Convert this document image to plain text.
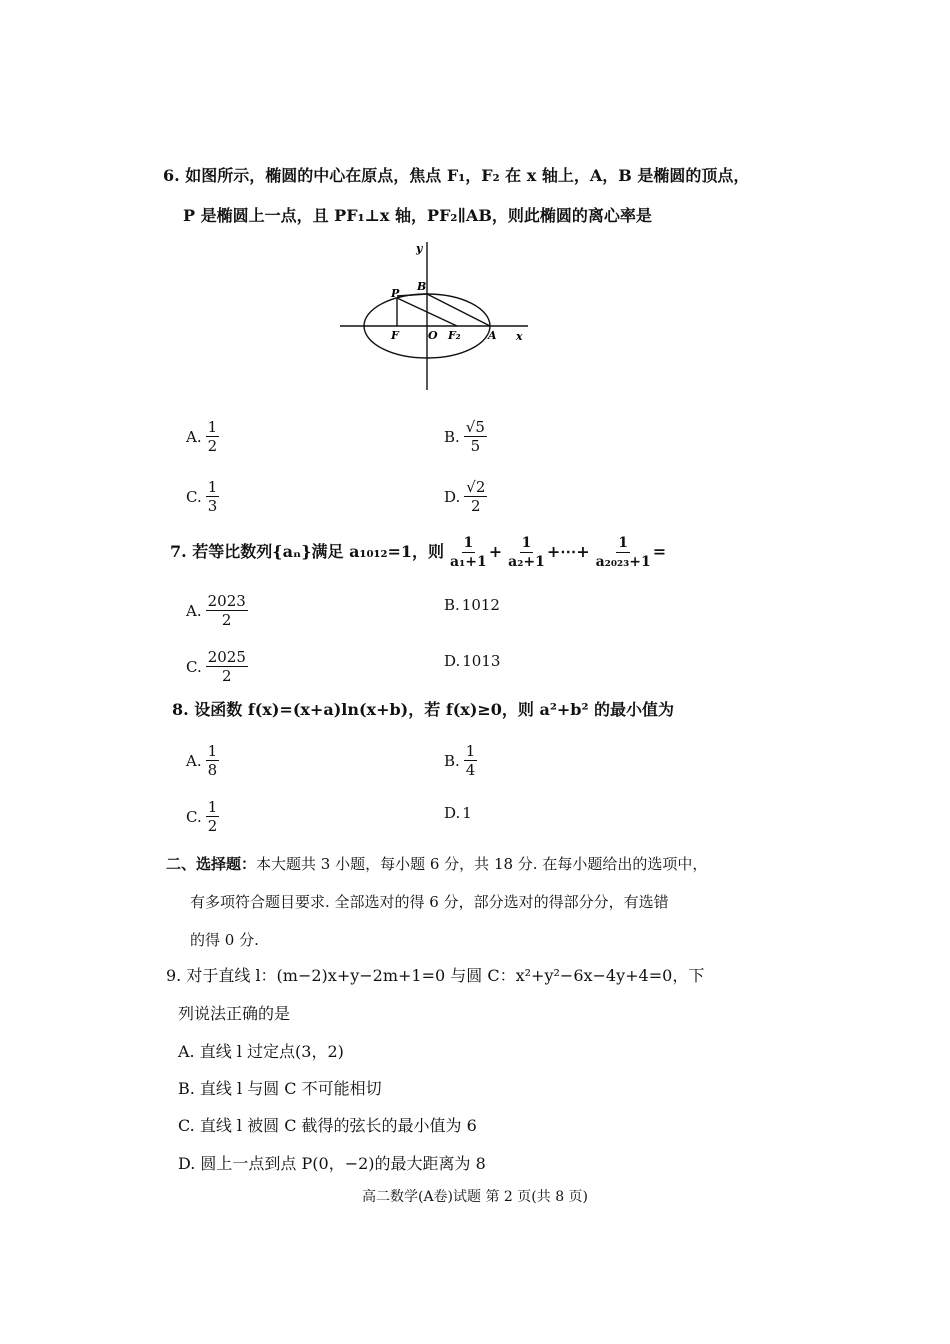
6. 如图所示，椭圆的中心在原点，焦点 F₁，F₂ 在 x 轴上，A，B 是椭圆的顶点，
P 是椭圆上一点，且 PF₁⊥x 轴，PF₂∥AB，则此椭圆的离心率是
y
x
P
B
F	O F₂ A
A. $\frac{1}{2}$	B. $\frac{√5}{5}$
C. $\frac{1}{3}$	D. $\frac{√2}{2}$
7. 若等比数列{aₙ}满足 a₁₀₁₂=1，则 $\frac{1}{\text{a₁+1}} + \frac{1}{\text{a₂+1}}$ +⋯+ $\frac{1}{\text{a₂₀₂₃+1}}$ =
A. $\frac{2023}{2}$	B. 1012
C. $\frac{2025}{2}$	D. 1013
8. 设函数 f(x)=(x+a)ln(x+b)，若 f(x)≥0，则 a²+b² 的最小值为
A. $\frac{1}{8}$	B. $\frac{1}{4}$
C. $\frac{1}{2}$	D. 1
二、选择题：本大题共 3 小题，每小题 6 分，共 18 分. 在每小题给出的选项中，
有多项符合题目要求. 全部选对的得 6 分，部分选对的得部分分，有选错
的得 0 分.
9. 对于直线 l：(m−2)x+y−2m+1=0 与圆 C：x²+y²−6x−4y+4=0，下
列说法正确的是
A. 直线 l 过定点(3，2)
B. 直线 l 与圆 C 不可能相切
C. 直线 l 被圆 C 截得的弦长的最小值为 6
D. 圆上一点到点 P(0，−2)的最大距离为 8
高二数学(A卷)试题 第 2 页(共 8 页)
